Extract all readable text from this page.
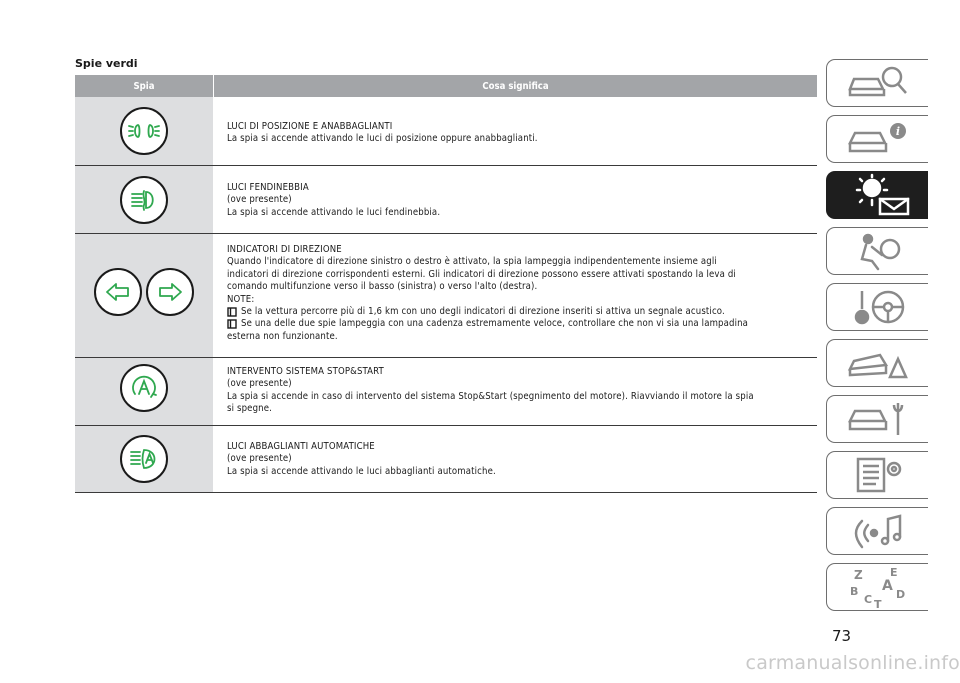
Spie verdi
Spia	Cosa significa
LUCI DI POSIZIONE E ANABBAGLIANTI
La spia si accende attivando le luci di posizione oppure anabbaglianti.
LUCI FENDINEBBIA
(ove presente)
La spia si accende attivando le luci fendinebbia.
INDICATORI DI DIREZIONE
Quando l'indicatore di direzione sinistro o destro è attivato, la spia lampeggia indipendentemente insieme agli
indicatori di direzione corrispondenti esterni. Gli indicatori di direzione possono essere attivati spostando la leva di
comando multifunzione verso il basso (sinistra) o verso l'alto (destra).
NOTE:
Se la vettura percorre più di 1,6 km con uno degli indicatori di direzione inseriti si attiva un segnale acustico.
Se una delle due spie lampeggia con una cadenza estremamente veloce, controllare che non vi sia una lampadina
esterna non funzionante.
INTERVENTO SISTEMA STOP&START
(ove presente)
La spia si accende in caso di intervento del sistema Stop&Start (spegnimento del motore). Riavviando il motore la spia
si spegne.
LUCI ABBAGLIANTI AUTOMATICHE
(ove presente)
La spia si accende attivando le luci abbaglianti automatiche.
i
Z E
A
B
C D
T
73
carmanualsonline.info
